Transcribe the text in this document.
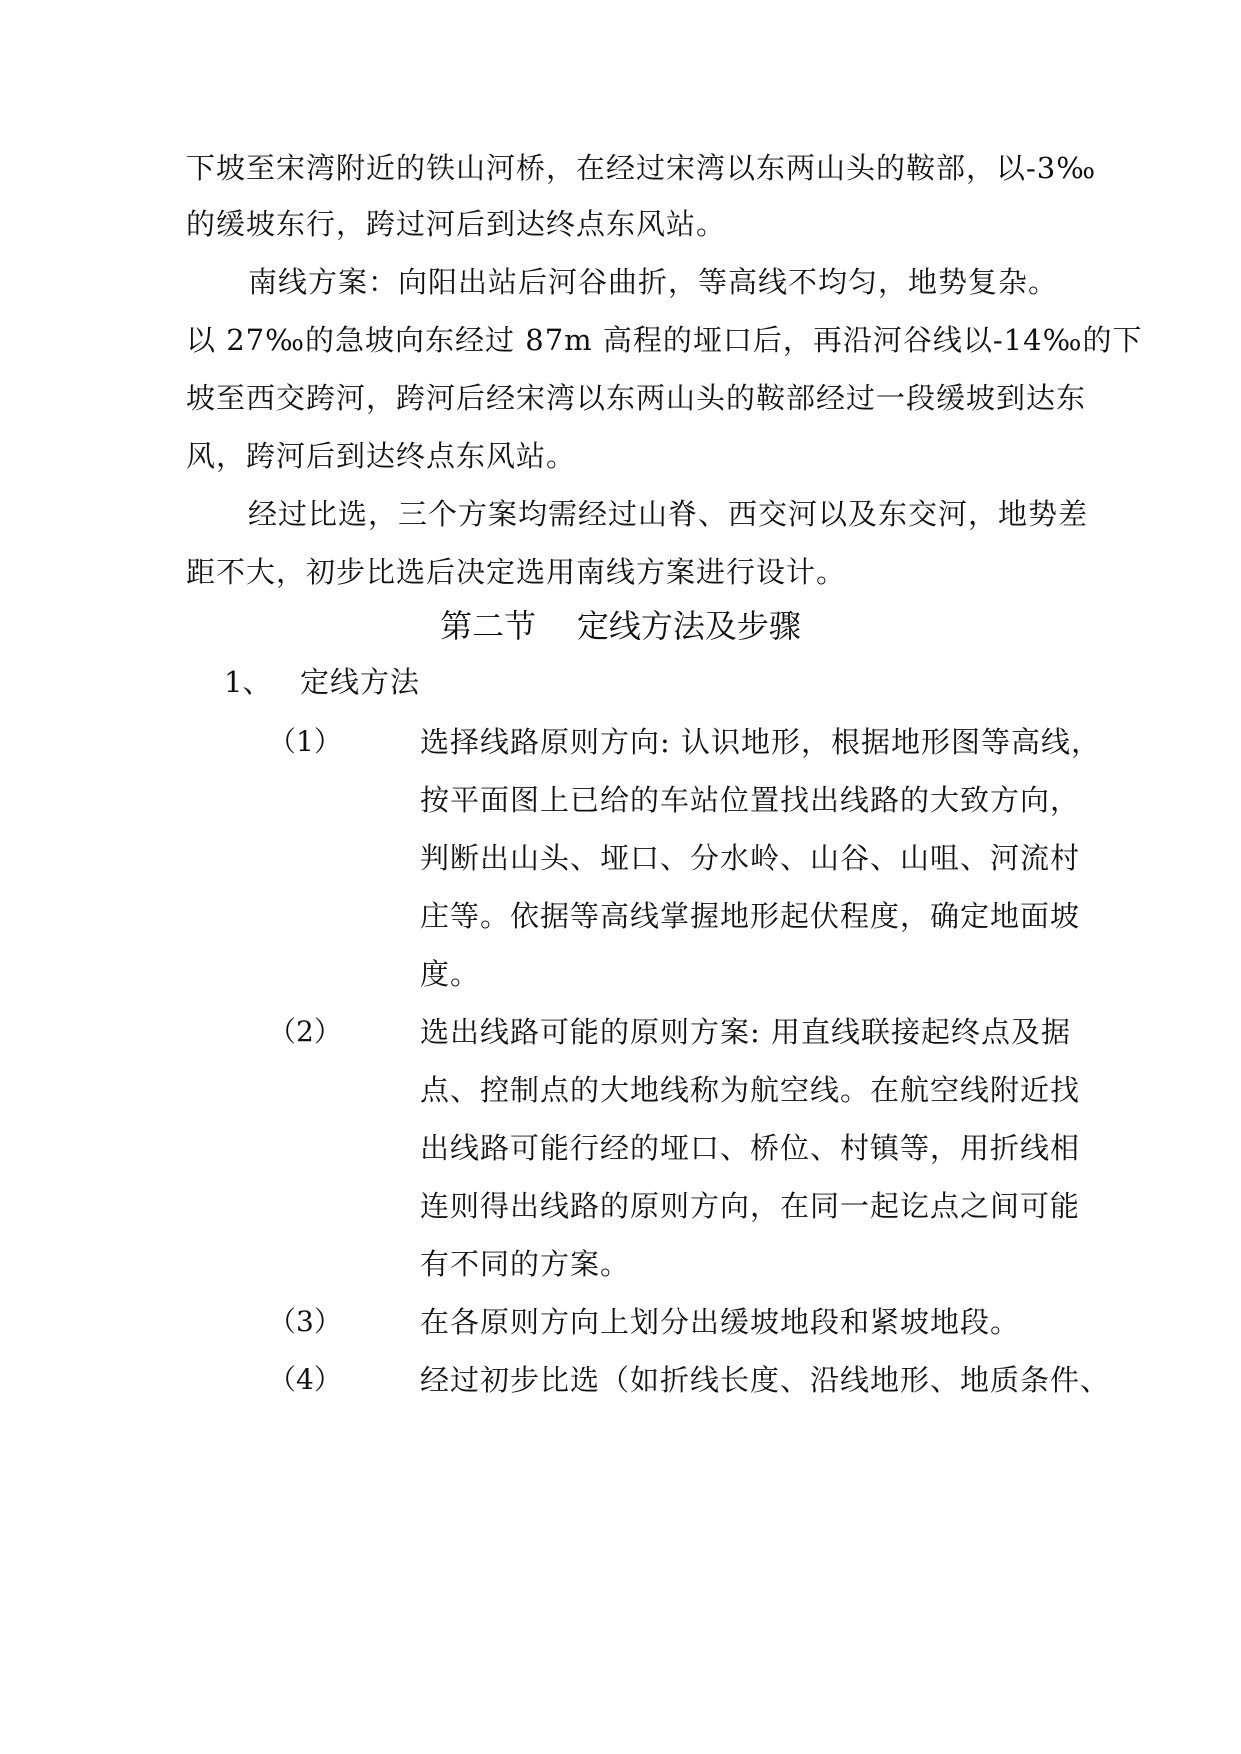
下坡至宋湾附近的铁山河桥，在经过宋湾以东两山头的鞍部，以-3‰
的缓坡东行，跨过河后到达终点东风站。
南线方案：向阳出站后河谷曲折，等高线不均匀，地势复杂。
以 27‰的急坡向东经过 87m 高程的垭口后，再沿河谷线以-14‰的下
坡至西交跨河，跨河后经宋湾以东两山头的鞍部经过一段缓坡到达东
风，跨河后到达终点东风站。
经过比选，三个方案均需经过山脊、西交河以及东交河，地势差
距不大，初步比选后决定选用南线方案进行设计。
第二节    定线方法及步骤
1、 定线方法
（1）	选择线路原则方向: 认识地形，根据地形图等高线，
按平面图上已给的车站位置找出线路的大致方向，
判断出山头、垭口、分水岭、山谷、山咀、河流村
庄等。依据等高线掌握地形起伏程度，确定地面坡
度。
（2）	选出线路可能的原则方案: 用直线联接起终点及据
点、控制点的大地线称为航空线。在航空线附近找
出线路可能行经的垭口、桥位、村镇等，用折线相
连则得出线路的原则方向，在同一起讫点之间可能
有不同的方案。
（3）	在各原则方向上划分出缓坡地段和紧坡地段。
（4）	经过初步比选（如折线长度、沿线地形、地质条件、
